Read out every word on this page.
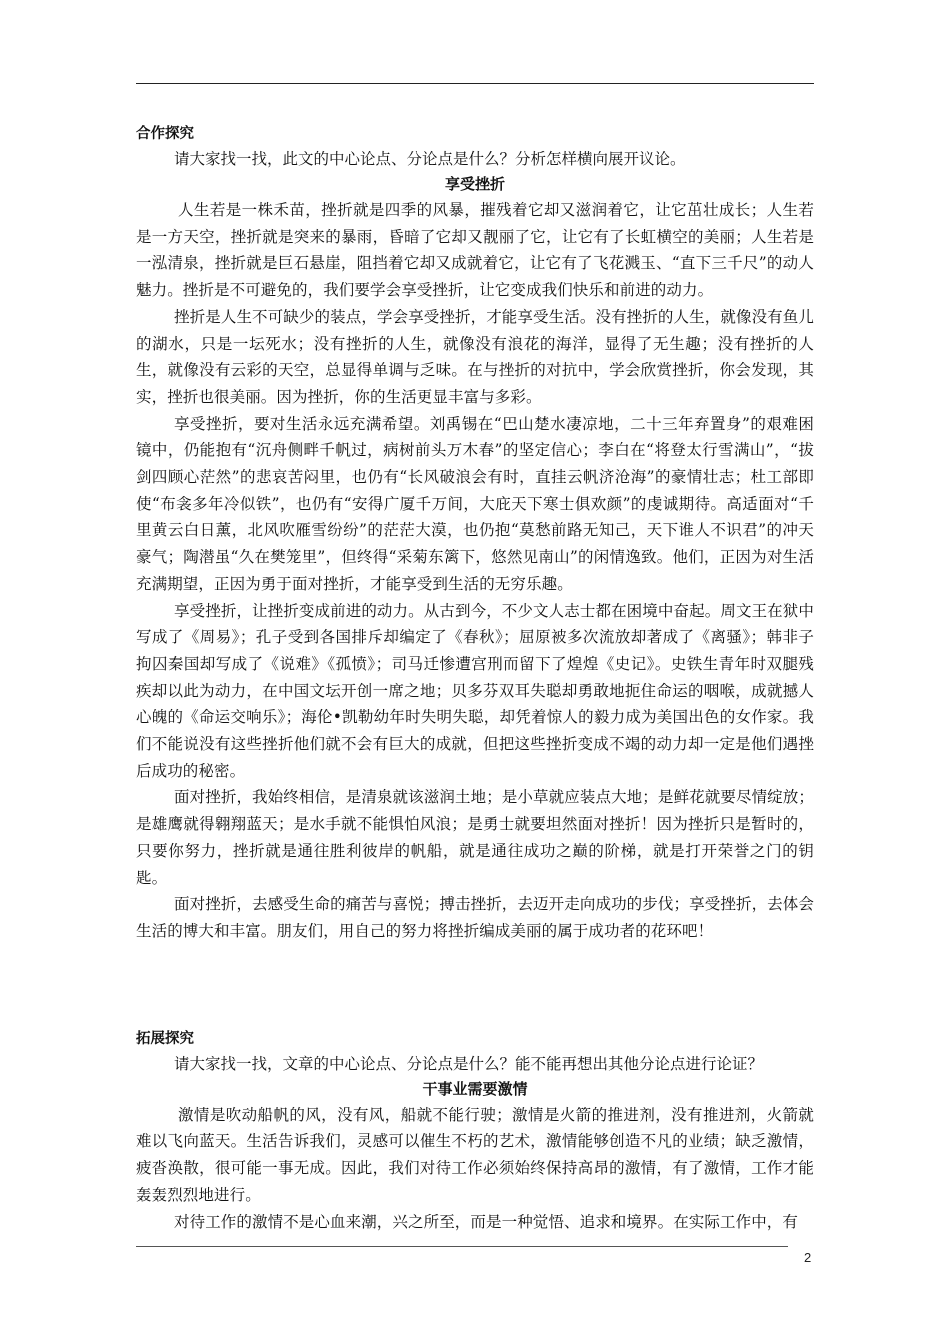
合作探究
请大家找一找，此文的中心论点、分论点是什么？分析怎样横向展开议论。
享受挫折

人生若是一株禾苗，挫折就是四季的风暴，摧残着它却又滋润着它，让它茁壮成长；人生若是一方天空，挫折就是突来的暴雨，昏暗了它却又靓丽了它，让它有了长虹横空的美丽；人生若是一泓清泉，挫折就是巨石悬崖，阻挡着它却又成就着它，让它有了飞花溅玉、“直下三千尺”的动人魅力。挫折是不可避免的，我们要学会享受挫折，让它变成我们快乐和前进的动力。

挫折是人生不可缺少的装点，学会享受挫折，才能享受生活。没有挫折的人生，就像没有鱼儿的湖水，只是一坛死水；没有挫折的人生，就像没有浪花的海洋，显得了无生趣；没有挫折的人生，就像没有云彩的天空，总显得单调与乏味。在与挫折的对抗中，学会欣赏挫折，你会发现，其实，挫折也很美丽。因为挫折，你的生活更显丰富与多彩。

享受挫折，要对生活永远充满希望。刘禹锡在“巴山楚水凄凉地，二十三年弃置身”的艰难困镜中，仍能抱有“沉舟侧畔千帆过，病树前头万木春”的坚定信心；李白在“将登太行雪满山”，“拔剑四顾心茫然”的悲哀苦闷里，也仍有“长风破浪会有时，直挂云帆济沧海”的豪情壮志；杜工部即使“布衾多年冷似铁”，也仍有“安得广厦千万间，大庇天下寒士俱欢颜”的虔诚期待。高适面对“千里黄云白日薰，北风吹雁雪纷纷”的茫茫大漠，也仍抱“莫愁前路无知己，天下谁人不识君”的冲天豪气；陶潜虽“久在樊笼里”，但终得“采菊东篱下，悠然见南山”的闲情逸致。他们，正因为对生活充满期望，正因为勇于面对挫折，才能享受到生活的无穷乐趣。

享受挫折，让挫折变成前进的动力。从古到今，不少文人志士都在困境中奋起。周文王在狱中写成了《周易》；孔子受到各国排斥却编定了《春秋》；屈原被多次流放却著成了《离骚》；韩非子拘囚秦国却写成了《说难》《孤愤》；司马迁惨遭宫刑而留下了煌煌《史记》。史铁生青年时双腿残疾却以此为动力，在中国文坛开创一席之地；贝多芬双耳失聪却勇敢地扼住命运的咽喉，成就撼人心魄的《命运交响乐》；海伦•凯勒幼年时失明失聪，却凭着惊人的毅力成为美国出色的女作家。我们不能说没有这些挫折他们就不会有巨大的成就，但把这些挫折变成不竭的动力却一定是他们遇挫后成功的秘密。

面对挫折，我始终相信，是清泉就该滋润土地；是小草就应装点大地；是鲜花就要尽情绽放；是雄鹰就得翱翔蓝天；是水手就不能惧怕风浪；是勇士就要坦然面对挫折！因为挫折只是暂时的，只要你努力，挫折就是通往胜利彼岸的帆船，就是通往成功之巅的阶梯，就是打开荣誉之门的钥匙。

面对挫折，去感受生命的痛苦与喜悦；搏击挫折，去迈开走向成功的步伐；享受挫折，去体会生活的博大和丰富。朋友们，用自己的努力将挫折编成美丽的属于成功者的花环吧！

拓展探究
请大家找一找，文章的中心论点、分论点是什么？能不能再想出其他分论点进行论证？
干事业需要激情

激情是吹动船帆的风，没有风，船就不能行驶；激情是火箭的推进剂，没有推进剂，火箭就难以飞向蓝天。生活告诉我们，灵感可以催生不朽的艺术，激情能够创造不凡的业绩；缺乏激情，疲沓涣散，很可能一事无成。因此，我们对待工作必须始终保持高昂的激情，有了激情，工作才能轰轰烈烈地进行。

对待工作的激情不是心血来潮，兴之所至，而是一种觉悟、追求和境界。在实际工作中，有

2
